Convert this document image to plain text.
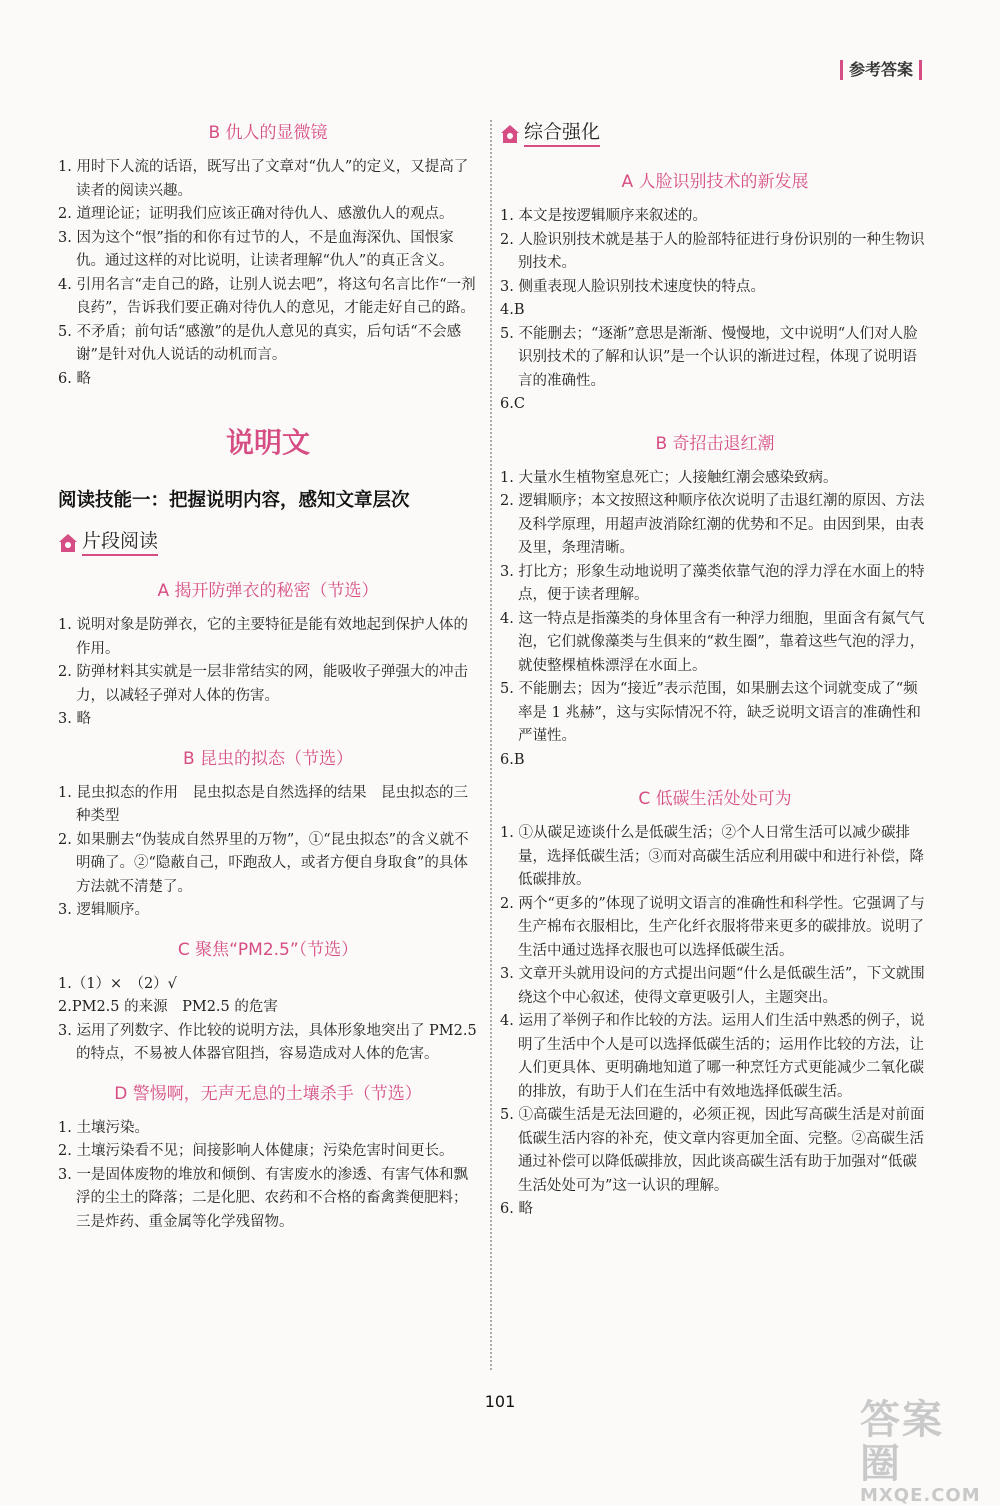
参考答案
B 仇人的显微镜

1. 用时下人流的话语，既写出了文章对“仇人”的定义，又提高了读者的阅读兴趣。

2. 道理论证；证明我们应该正确对待仇人、感激仇人的观点。

3. 因为这个“恨”指的和你有过节的人，不是血海深仇、国恨家仇。通过这样的对比说明，让读者理解“仇人”的真正含义。

4. 引用名言“走自己的路，让别人说去吧”，将这句名言比作“一剂良药”，告诉我们要正确对待仇人的意见，才能走好自己的路。

5. 不矛盾；前句话“感激”的是仇人意见的真实，后句话“不会感谢”是针对仇人说话的动机而言。

6. 略

说明文
阅读技能一：把握说明内容，感知文章层次
片段阅读
A 揭开防弹衣的秘密（节选）

1. 说明对象是防弹衣，它的主要特征是能有效地起到保护人体的作用。

2. 防弹材料其实就是一层非常结实的网，能吸收子弹强大的冲击力，以减轻子弹对人体的伤害。

3. 略

B 昆虫的拟态（节选）

1. 昆虫拟态的作用　昆虫拟态是自然选择的结果　昆虫拟态的三种类型

2. 如果删去“伪装成自然界里的万物”，①“昆虫拟态”的含义就不明确了。②“隐蔽自己，吓跑敌人，或者方便自身取食”的具体方法就不清楚了。

3. 逻辑顺序。

C 聚焦“PM2.5”（节选）

1.（1）×　（2）√

2.PM2.5 的来源　PM2.5 的危害

3. 运用了列数字、作比较的说明方法，具体形象地突出了 PM2.5 的特点，不易被人体器官阻挡，容易造成对人体的危害。

D 警惕啊，无声无息的土壤杀手（节选）

1. 土壤污染。

2. 土壤污染看不见；间接影响人体健康；污染危害时间更长。

3. 一是固体废物的堆放和倾倒、有害废水的渗透、有害气体和飘浮的尘土的降落；二是化肥、农药和不合格的畜禽粪便肥料；三是炸药、重金属等化学残留物。

综合强化
A 人脸识别技术的新发展

1. 本文是按逻辑顺序来叙述的。

2. 人脸识别技术就是基于人的脸部特征进行身份识别的一种生物识别技术。

3. 侧重表现人脸识别技术速度快的特点。

4.B

5. 不能删去；“逐渐”意思是渐渐、慢慢地，文中说明“人们对人脸识别技术的了解和认识”是一个认识的渐进过程，体现了说明语言的准确性。

6.C

B 奇招击退红潮

1. 大量水生植物窒息死亡；人接触红潮会感染致病。

2. 逻辑顺序；本文按照这种顺序依次说明了击退红潮的原因、方法及科学原理，用超声波消除红潮的优势和不足。由因到果，由表及里，条理清晰。

3. 打比方；形象生动地说明了藻类依靠气泡的浮力浮在水面上的特点，便于读者理解。

4. 这一特点是指藻类的身体里含有一种浮力细胞，里面含有氮气气泡，它们就像藻类与生俱来的“救生圈”，靠着这些气泡的浮力，就使整棵植株漂浮在水面上。

5. 不能删去；因为“接近”表示范围，如果删去这个词就变成了“频率是 1 兆赫”，这与实际情况不符，缺乏说明文语言的准确性和严谨性。

6.B

C 低碳生活处处可为

1. ①从碳足迹谈什么是低碳生活；②个人日常生活可以减少碳排量，选择低碳生活；③而对高碳生活应利用碳中和进行补偿，降低碳排放。

2. 两个“更多的”体现了说明文语言的准确性和科学性。它强调了与生产棉布衣服相比，生产化纤衣服将带来更多的碳排放。说明了生活中通过选择衣服也可以选择低碳生活。

3. 文章开头就用设问的方式提出问题“什么是低碳生活”，下文就围绕这个中心叙述，使得文章更吸引人，主题突出。

4. 运用了举例子和作比较的方法。运用人们生活中熟悉的例子，说明了生活中个人是可以选择低碳生活的；运用作比较的方法，让人们更具体、更明确地知道了哪一种烹饪方式更能减少二氧化碳的排放，有助于人们在生活中有效地选择低碳生活。

5. ①高碳生活是无法回避的，必须正视，因此写高碳生活是对前面低碳生活内容的补充，使文章内容更加全面、完整。②高碳生活通过补偿可以降低碳排放，因此谈高碳生活有助于加强对“低碳生活处处可为”这一认识的理解。

6. 略

101	答案圈
MXQE.COM
